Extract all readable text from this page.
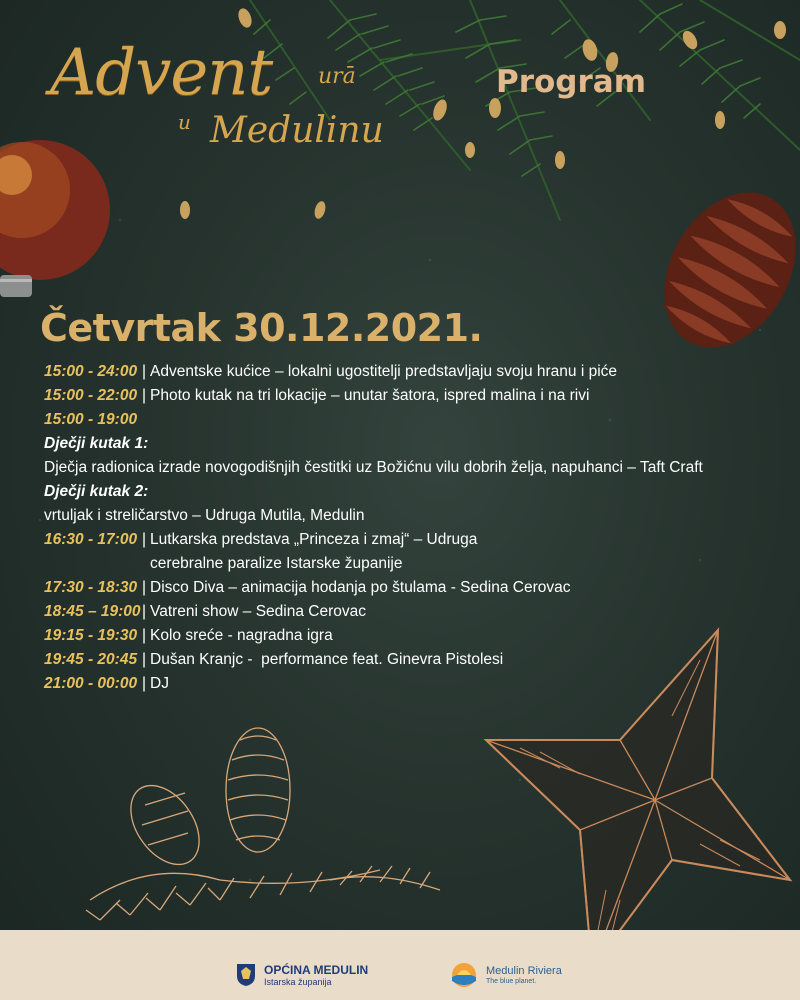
Advent urā
u Medulinu
Program
Četvrtak 30.12.2021.
15:00 - 24:00 | Adventske kućice – lokalni ugostitelji predstavljaju svoju hranu i piće
15:00 - 22:00 | Photo kutak na tri lokacije – unutar šatora, ispred malina i na rivi
15:00 - 19:00
Dječji kutak 1:
Dječja radionica izrade novogodišnjih čestitki uz Božićnu vilu dobrih želja, napuhanci – Taft Craft
Dječji kutak 2:
vrtuljak i streličarstvo – Udruga Mutila, Medulin
16:30 - 17:00 | Lutkarska predstava „Princeza i zmaj“ – Udruga cerebralne paralize Istarske županije
17:30 - 18:30 | Disco Diva – animacija hodanja po štulama - Sedina Cerovac
18:45 – 19:00 | Vatreni show – Sedina Cerovac
19:15 - 19:30 | Kolo sreće - nagradna igra
19:45 - 20:45 | Dušan Kranjc -  performance feat. Ginevra Pistolesi
21:00 - 00:00 | DJ
OPĆINA MEDULIN
Istarska županija
Medulin Riviera
The blue planet.
